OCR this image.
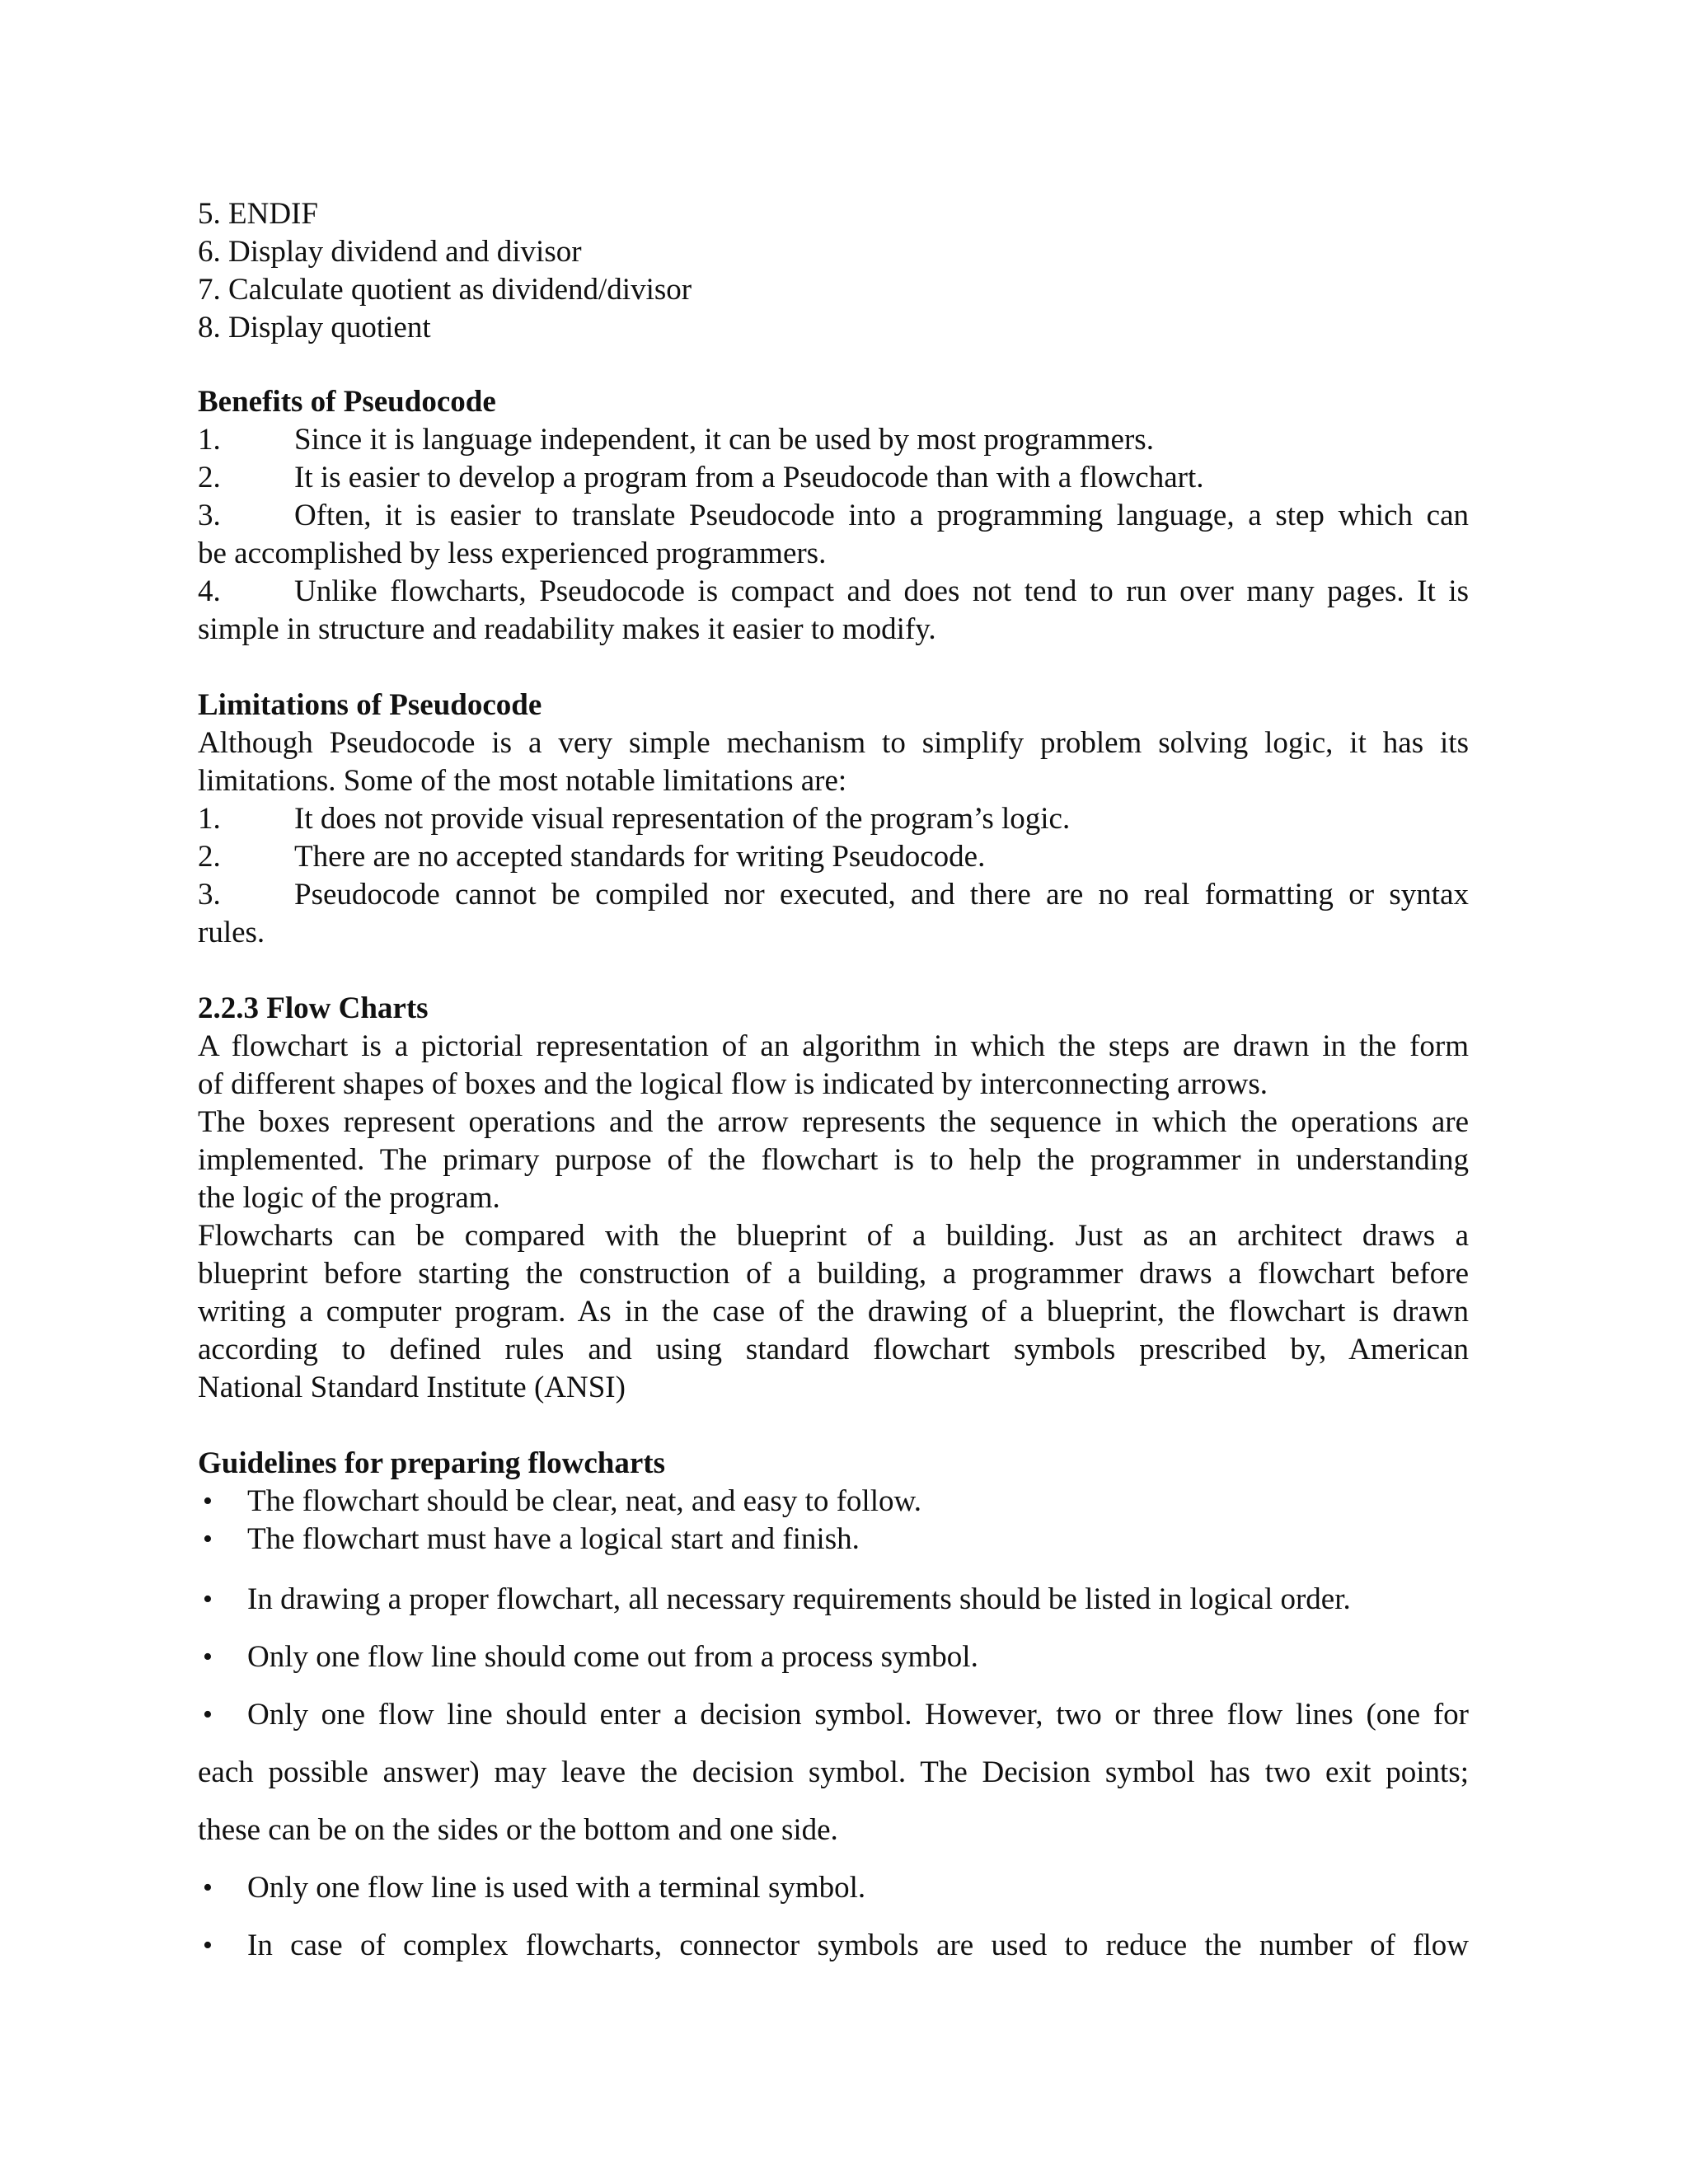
5. ENDIF
6. Display dividend and divisor
7. Calculate quotient as dividend/divisor
8. Display quotient
Benefits of Pseudocode
1. Since it is language independent, it can be used by most programmers.
2. It is easier to develop a program from a Pseudocode than with a flowchart.
3. Often, it is easier to translate Pseudocode into a programming language, a step which can
be accomplished by less experienced programmers.
4. Unlike flowcharts, Pseudocode is compact and does not tend to run over many pages. It is
simple in structure and readability makes it easier to modify.
Limitations of Pseudocode
Although Pseudocode is a very simple mechanism to simplify problem solving logic, it has its
limitations. Some of the most notable limitations are:
1. It does not provide visual representation of the program’s logic.
2. There are no accepted standards for writing Pseudocode.
3. Pseudocode cannot be compiled nor executed, and there are no real formatting or syntax
rules.
2.2.3 Flow Charts
A flowchart is a pictorial representation of an algorithm in which the steps are drawn in the form
of different shapes of boxes and the logical flow is indicated by interconnecting arrows.
The boxes represent operations and the arrow represents the sequence in which the operations are
implemented. The primary purpose of the flowchart is to help the programmer in understanding
the logic of the program.
Flowcharts can be compared with the blueprint of a building. Just as an architect draws a
blueprint before starting the construction of a building, a programmer draws a flowchart before
writing a computer program. As in the case of the drawing of a blueprint, the flowchart is drawn
according to defined rules and using standard flowchart symbols prescribed by, American
National Standard Institute (ANSI)
Guidelines for preparing flowcharts
• The flowchart should be clear, neat, and easy to follow.
• The flowchart must have a logical start and finish.
• In drawing a proper flowchart, all necessary requirements should be listed in logical order.
• Only one flow line should come out from a process symbol.
• Only one flow line should enter a decision symbol. However, two or three flow lines (one for
each possible answer) may leave the decision symbol. The Decision symbol has two exit points;
these can be on the sides or the bottom and one side.
• Only one flow line is used with a terminal symbol.
• In case of complex flowcharts, connector symbols are used to reduce the number of flow
